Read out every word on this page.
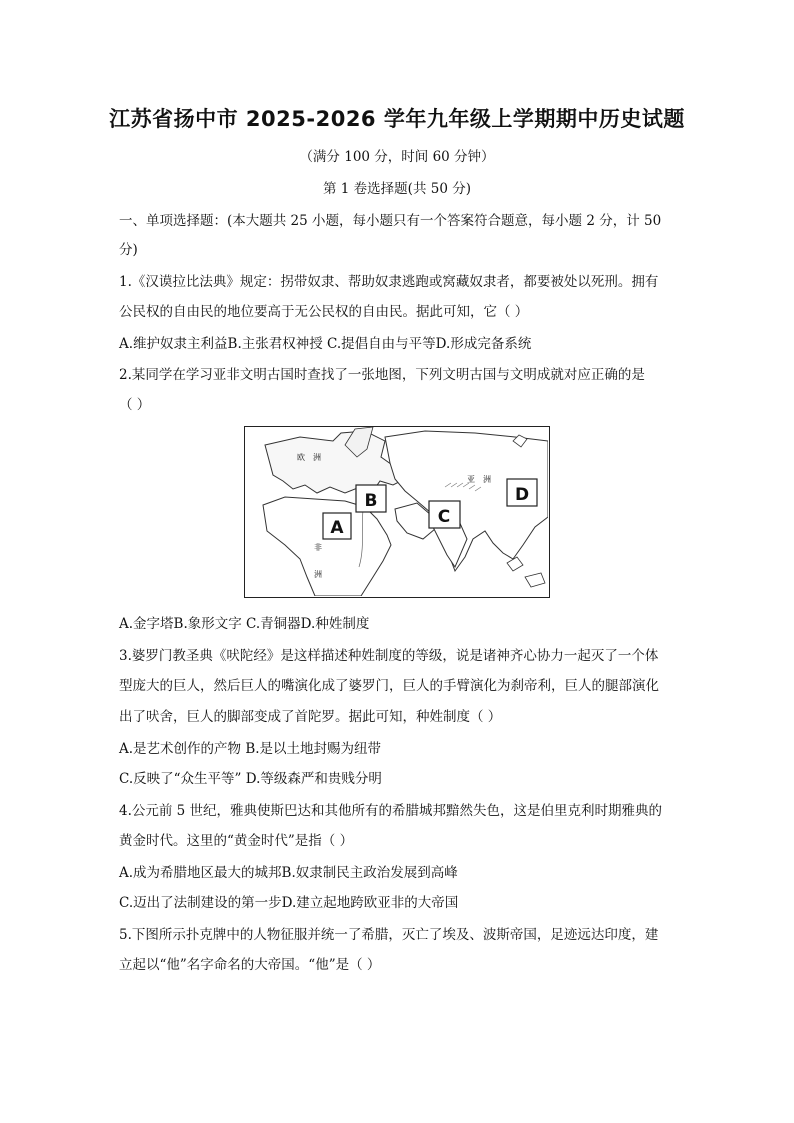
江苏省扬中市 2025-2026 学年九年级上学期期中历史试题
（满分 100 分，时间 60 分钟）
第 1 卷选择题(共 50 分)
一、单项选择题：(本大题共 25 小题，每小题只有一个答案符合题意，每小题 2 分，计 50
分)
1.《汉谟拉比法典》规定：拐带奴隶、帮助奴隶逃跑或窝藏奴隶者，都要被处以死刑。拥有
公民权的自由民的地位要高于无公民权的自由民。据此可知，它（ ）
A.维护奴隶主利益B.主张君权神授 C.提倡自由与平等D.形成完备系统
2.某同学在学习亚非文明古国时查找了一张地图，下列文明古国与文明成就对应正确的是
（ ）
欧 洲
亚 洲
非
洲
A
B
C
D
A.金字塔B.象形文字 C.青铜器D.种姓制度
3.婆罗门教圣典《吠陀经》是这样描述种姓制度的等级，说是诸神齐心协力一起灭了一个体
型庞大的巨人，然后巨人的嘴演化成了婆罗门，巨人的手臂演化为刹帝利，巨人的腿部演化
出了吠舍，巨人的脚部变成了首陀罗。据此可知，种姓制度（ ）
A.是艺术创作的产物 B.是以土地封赐为纽带
C.反映了“众生平等” D.等级森严和贵贱分明
4.公元前 5 世纪，雅典使斯巴达和其他所有的希腊城邦黯然失色，这是伯里克利时期雅典的
黄金时代。这里的“黄金时代”是指（ ）
A.成为希腊地区最大的城邦B.奴隶制民主政治发展到高峰
C.迈出了法制建设的第一步D.建立起地跨欧亚非的大帝国
5.下图所示扑克牌中的人物征服并统一了希腊，灭亡了埃及、波斯帝国，足迹远达印度，建
立起以“他”名字命名的大帝国。“他”是（ ）
